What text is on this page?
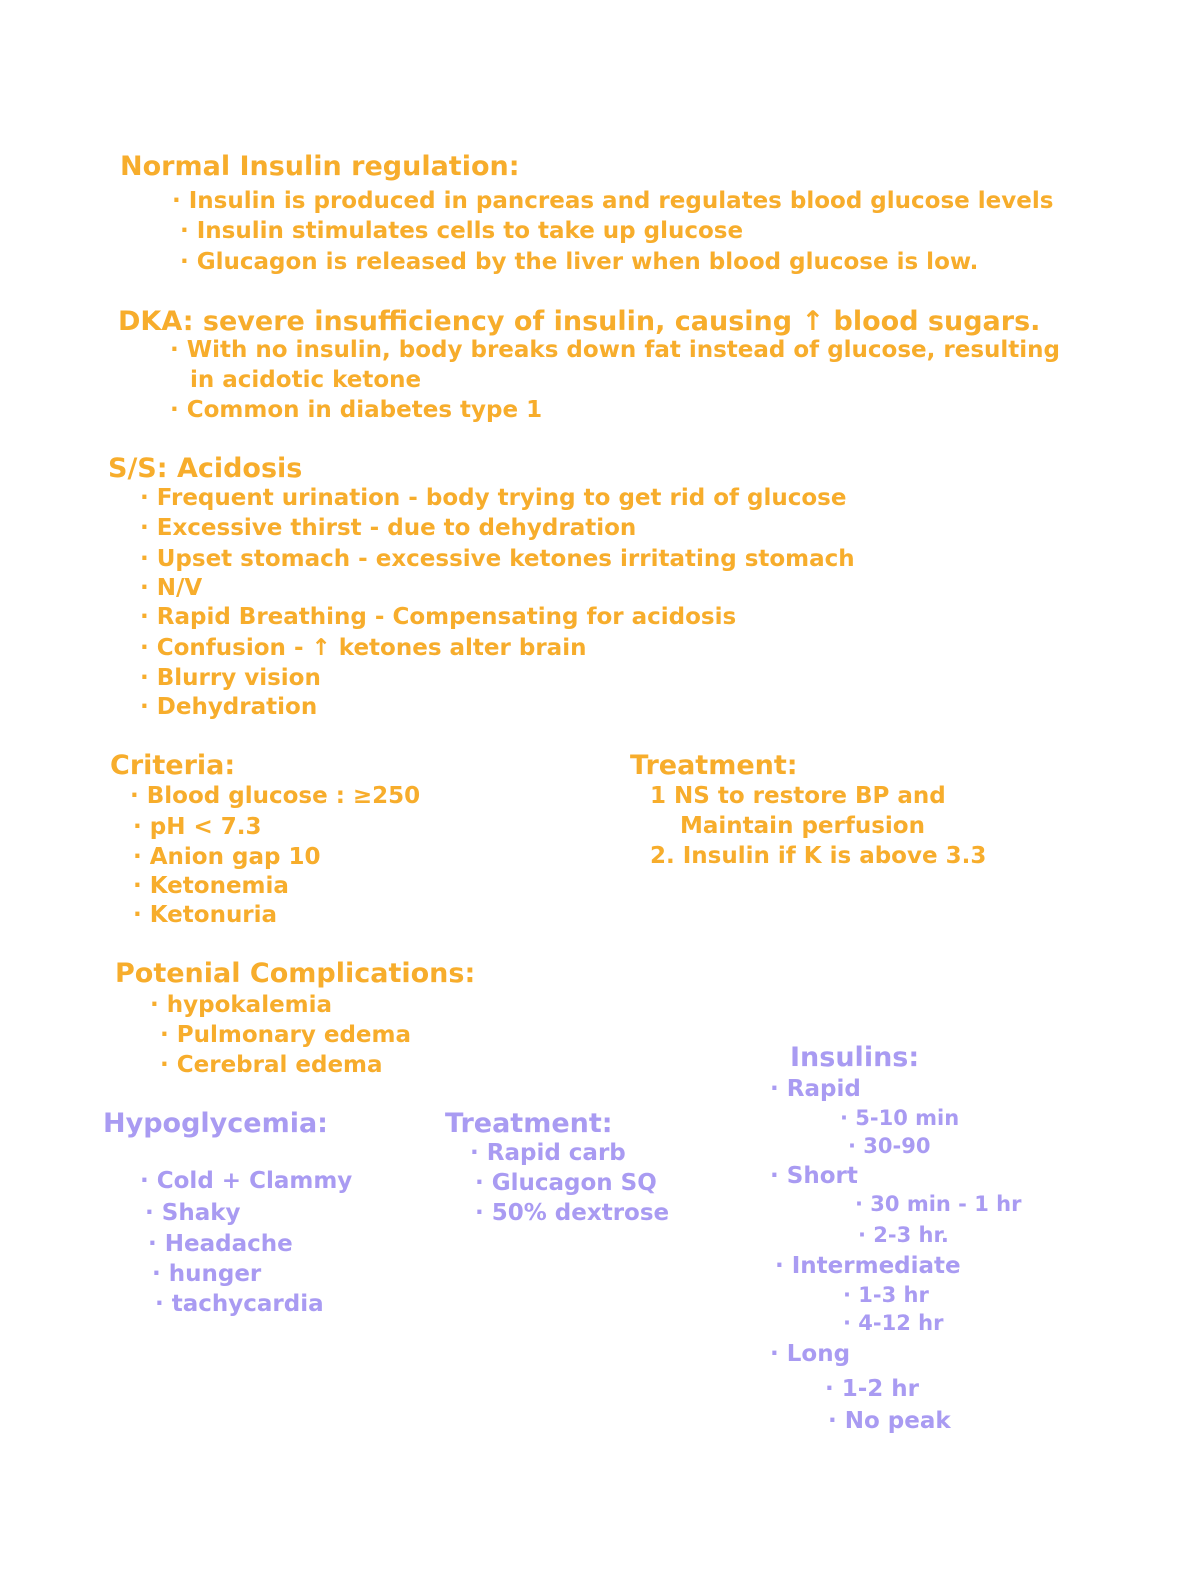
Normal Insulin regulation:
· Insulin is produced in pancreas and regulates blood glucose levels
· Insulin stimulates cells to take up glucose
· Glucagon is released by the liver when blood glucose is low.
DKA: severe insufficiency of insulin, causing ↑ blood sugars.
· With no insulin, body breaks down fat instead of glucose, resulting
in acidotic ketone
· Common in diabetes type 1
S/S: Acidosis
· Frequent urination - body trying to get rid of glucose
· Excessive thirst - due to dehydration
· Upset stomach - excessive ketones irritating stomach
· N/V
· Rapid Breathing - Compensating for acidosis
· Confusion - ↑ ketones alter brain
· Blurry vision
· Dehydration
Criteria:
· Blood glucose : ≥250
· pH < 7.3
· Anion gap 10
· Ketonemia
· Ketonuria
Treatment:
1 NS to restore BP and
Maintain perfusion
2. Insulin if K is above 3.3
Potenial Complications:
· hypokalemia
· Pulmonary edema
· Cerebral edema
Hypoglycemia:
· Cold + Clammy
· Shaky
· Headache
· hunger
· tachycardia
Treatment:
· Rapid carb
· Glucagon SQ
· 50% dextrose
Insulins:
· Rapid
· 5-10 min
· 30-90
· Short
· 30 min - 1 hr
· 2-3 hr.
· Intermediate
· 1-3 hr
· 4-12 hr
· Long
· 1-2 hr
· No peak
